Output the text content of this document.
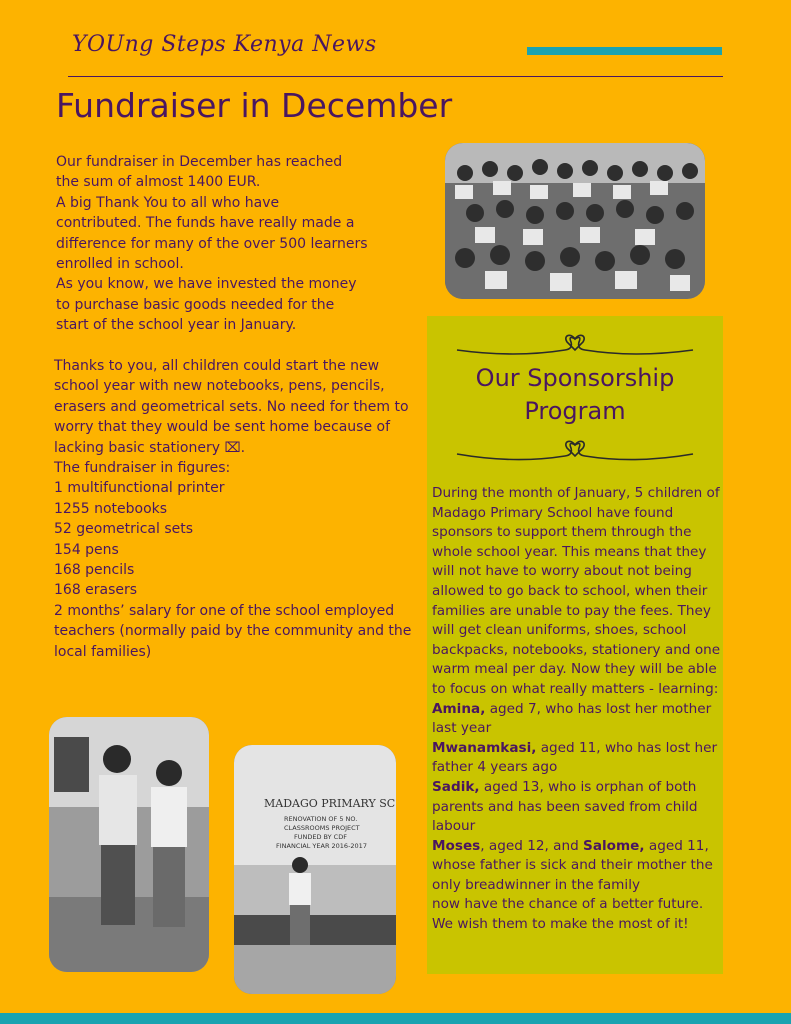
YOUng Steps Kenya News
Fundraiser in December

Our fundraiser in December has reached

the sum of almost 1400 EUR.

A big Thank You to all who have

contributed. The funds have really made a

difference for many of the over 500 learners

enrolled in school.

As you know, we have invested the money

to purchase basic goods needed for the

start of the school year in January.

Thanks to you, all children could start the new

school year with new notebooks, pens, pencils,

erasers and geometrical sets. No need for them to

worry that they would be sent home because of

lacking basic stationery ⌧.

The fundraiser in figures:

1 multifunctional printer

1255 notebooks

52 geometrical sets

154 pens

168 pencils

168 erasers

2 months’ salary for one of the school employed

teachers (normally paid by the community and the

local families)

MADAGO PRIMARY SC
RENOVATION OF 5 NO.
CLASSROOMS PROJECT
FUNDED BY CDF
FINANCIAL YEAR 2016-2017
Our Sponsorship
Program

During the month of January, 5 children of

Madago Primary School have found

sponsors to support them through the

whole school year. This means that they

will not have to worry about not being

allowed to go back to school, when their

families are unable to pay the fees. They

will get clean uniforms, shoes, school

backpacks, notebooks, stationery and one

warm meal per day. Now they will be able

to focus on what really matters - learning:

Amina, aged 7, who has lost her mother

last year

Mwanamkasi, aged 11, who has lost her

father 4 years ago

Sadik, aged 13, who is orphan of both

parents and has been saved from child

labour

Moses, aged 12, and Salome, aged 11,

whose father is sick and their mother the

only breadwinner in the family

now have the chance of a better future.

We wish them to make the most of it!
